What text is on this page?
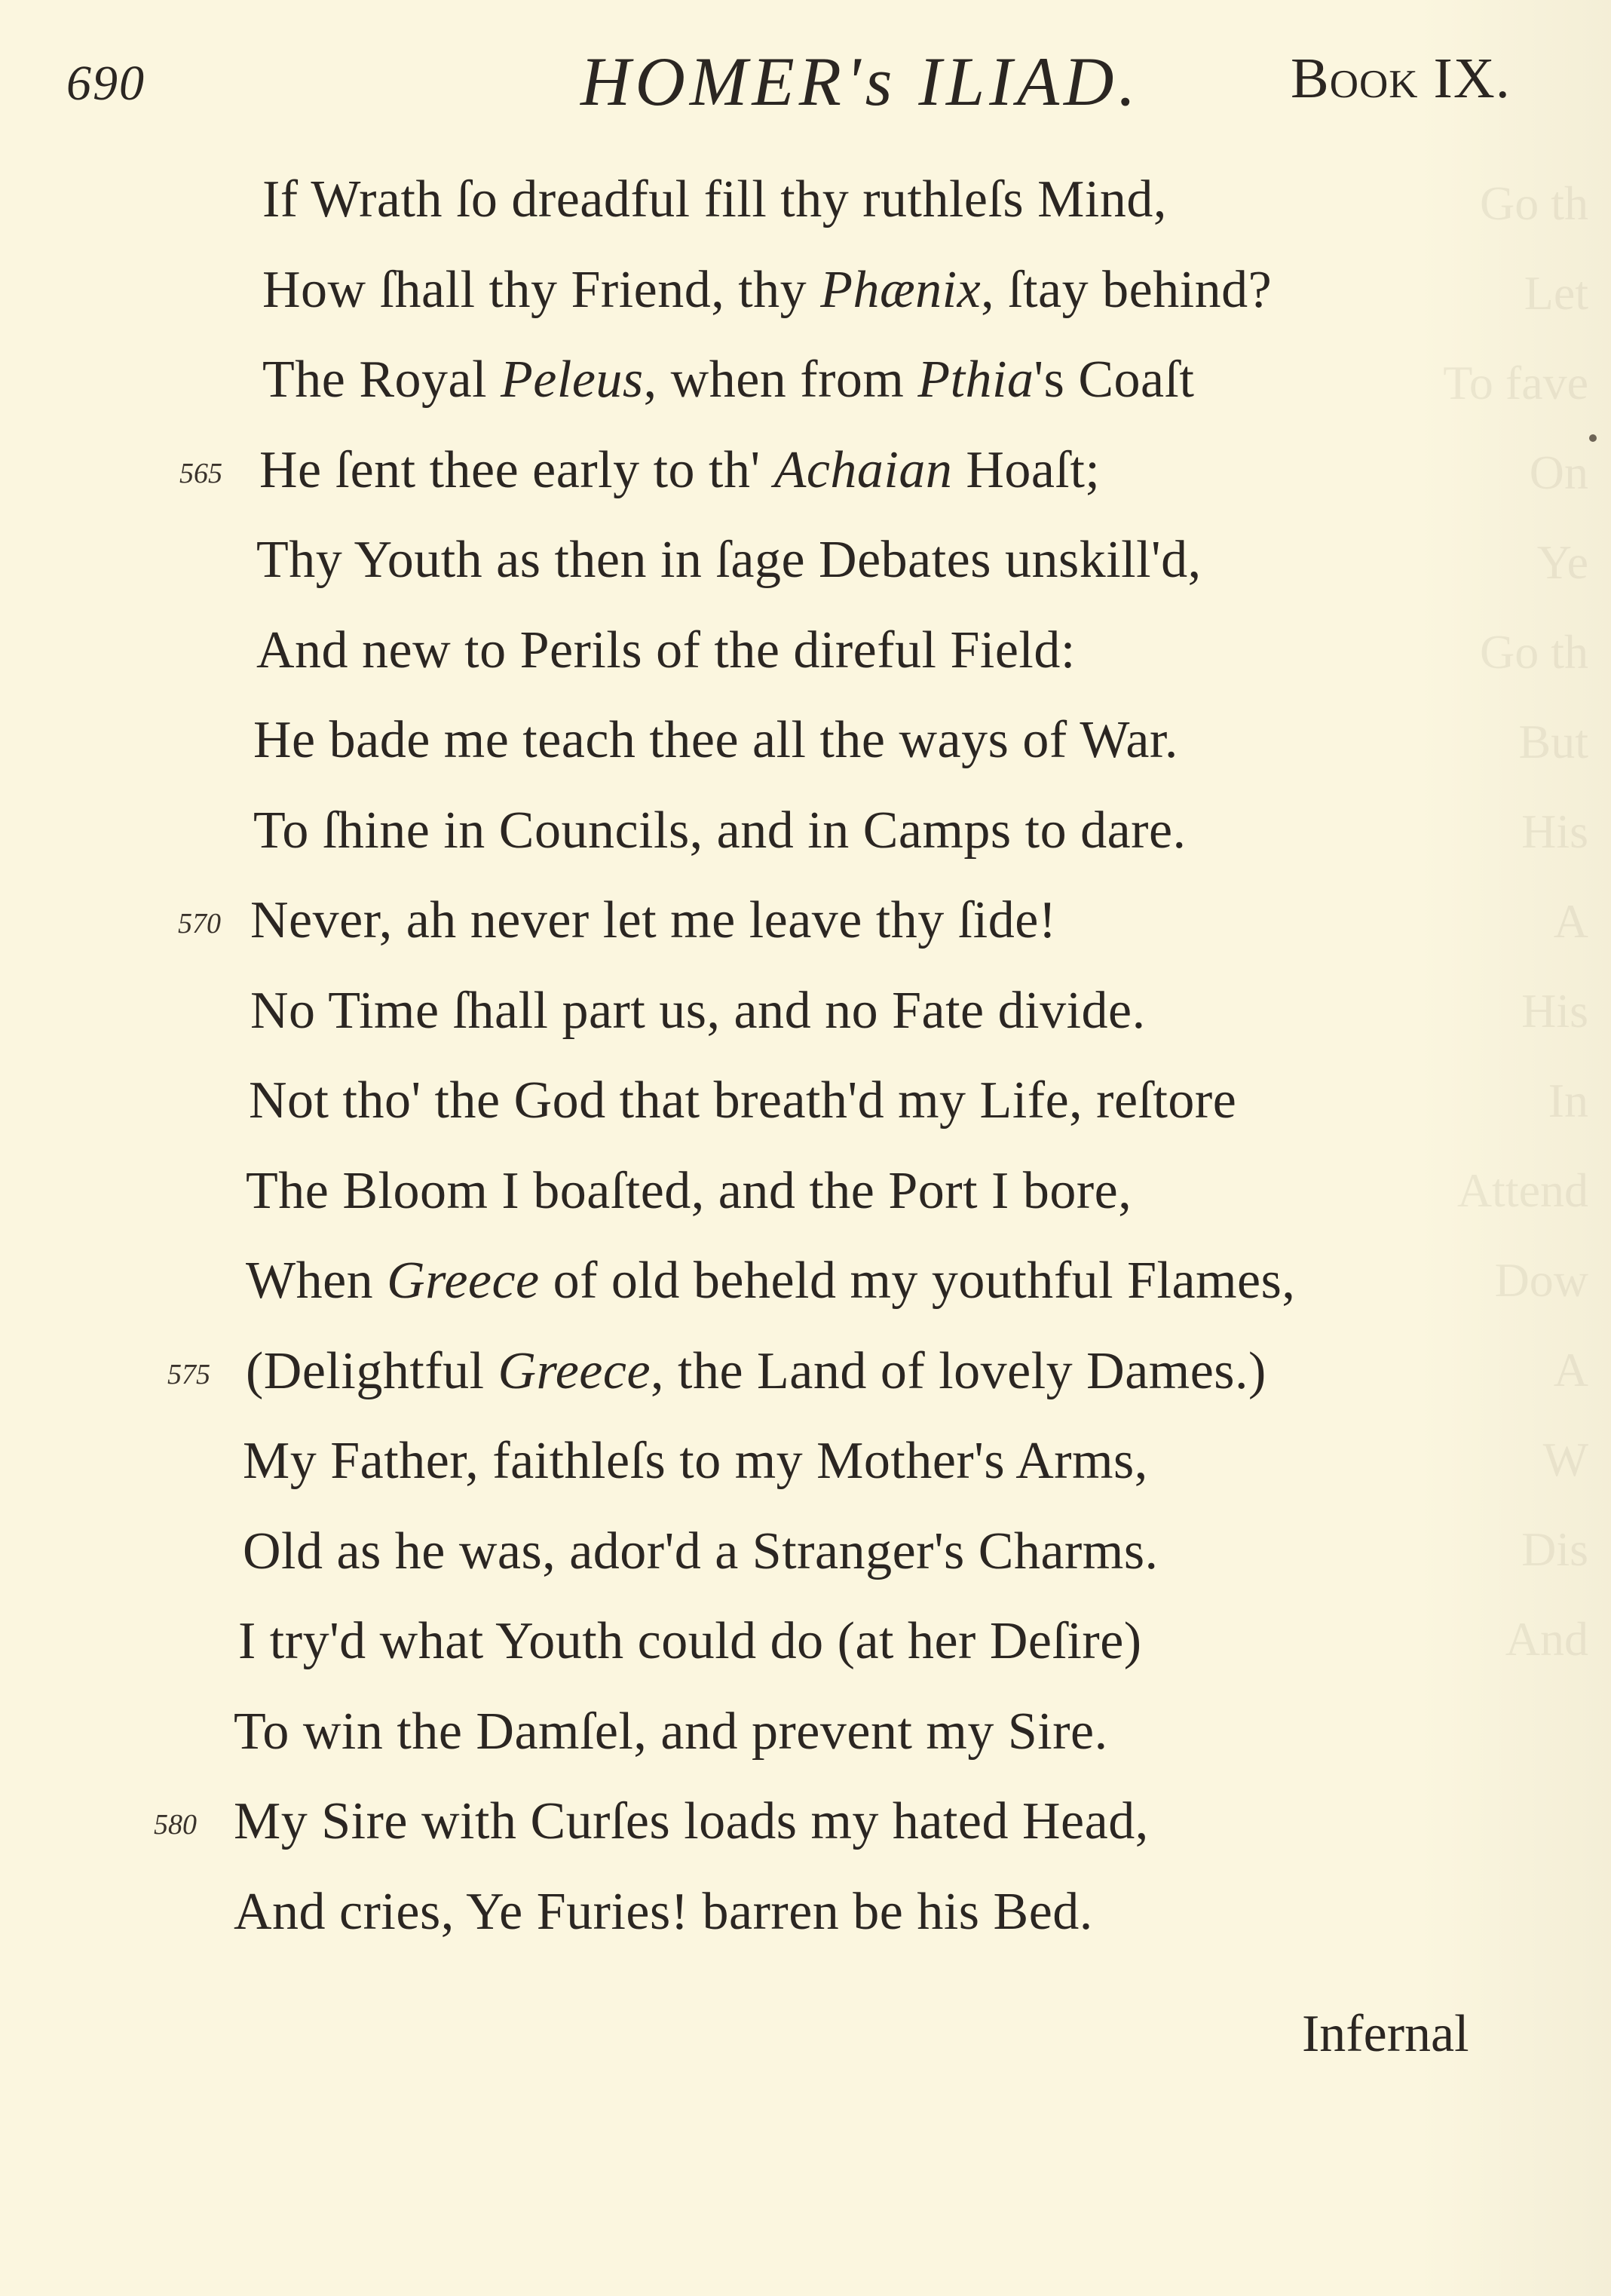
Go th
Let
To fave
On
Ye
Go th
But
His
A
His
In
Attend
Dow
A
W
Dis
And
690	HOMER's ILIAD.	Book IX.
If Wrath ſo dreadful fill thy ruthleſs Mind,
How ſhall thy Friend, thy Phænix, ſtay behind?
The Royal Peleus, when from Pthia's Coaſt
565 He ſent thee early to th' Achaian Hoaſt;
Thy Youth as then in ſage Debates unskill'd,
And new to Perils of the direful Field:
He bade me teach thee all the ways of War.
To ſhine in Councils, and in Camps to dare.
570 Never, ah never let me leave thy ſide!
No Time ſhall part us, and no Fate divide.
Not tho' the God that breath'd my Life, reſtore
The Bloom I boaſted, and the Port I bore,
When Greece of old beheld my youthful Flames,
575 (Delightful Greece, the Land of lovely Dames.)
My Father, faithleſs to my Mother's Arms,
Old as he was, ador'd a Stranger's Charms.
I try'd what Youth could do (at her Deſire)
To win the Damſel, and prevent my Sire.
580 My Sire with Curſes loads my hated Head,
And cries, Ye Furies! barren be his Bed.
Infernal
